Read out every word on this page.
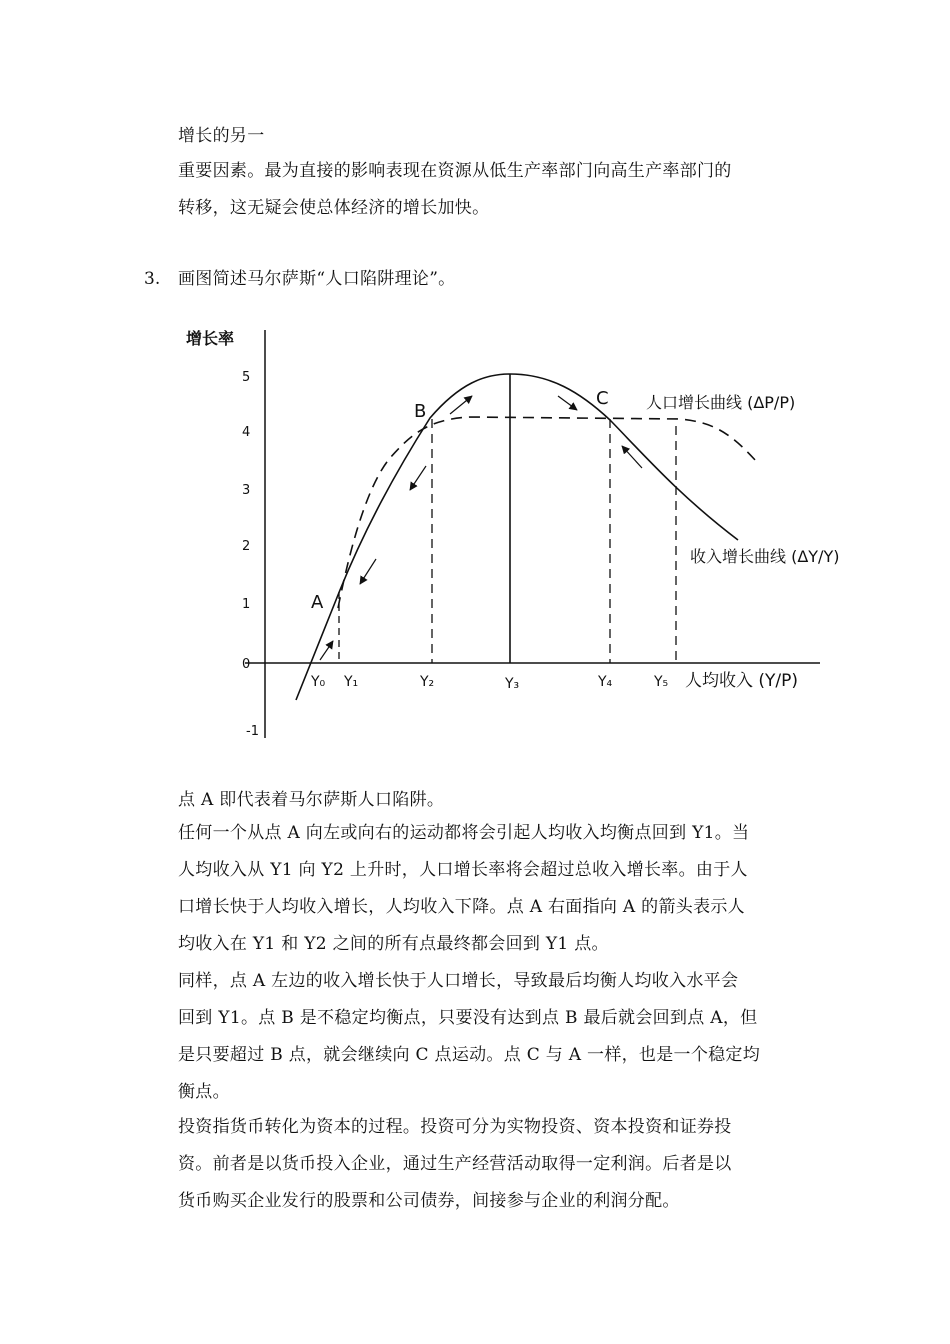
增长的另一
重要因素。最为直接的影响表现在资源从低生产率部门向高生产率部门的
转移，这无疑会使总体经济的增长加快。
3. 画图简述马尔萨斯“人口陷阱理论”。
增长率
5
4
3
2
1
0
-1
A
B
C 人口增长曲线 (ΔP/P)
收入增长曲线 (ΔY/Y)
Y₀ Y₁	Y₂	Y₃	Y₄	Y₅ 人均收入 (Y/P)
点 A 即代表着马尔萨斯人口陷阱。
任何一个从点 A 向左或向右的运动都将会引起人均收入均衡点回到 Y1。当
人均收入从 Y1 向 Y2 上升时，人口增长率将会超过总收入增长率。由于人
口增长快于人均收入增长，人均收入下降。点 A 右面指向 A 的箭头表示人
均收入在 Y1 和 Y2 之间的所有点最终都会回到 Y1 点。
同样，点 A 左边的收入增长快于人口增长，导致最后均衡人均收入水平会
回到 Y1。点 B 是不稳定均衡点，只要没有达到点 B 最后就会回到点 A，但
是只要超过 B 点，就会继续向 C 点运动。点 C 与 A 一样，也是一个稳定均
衡点。
投资指货币转化为资本的过程。投资可分为实物投资、资本投资和证券投
资。前者是以货币投入企业，通过生产经营活动取得一定利润。后者是以
货币购买企业发行的股票和公司债券，间接参与企业的利润分配。
